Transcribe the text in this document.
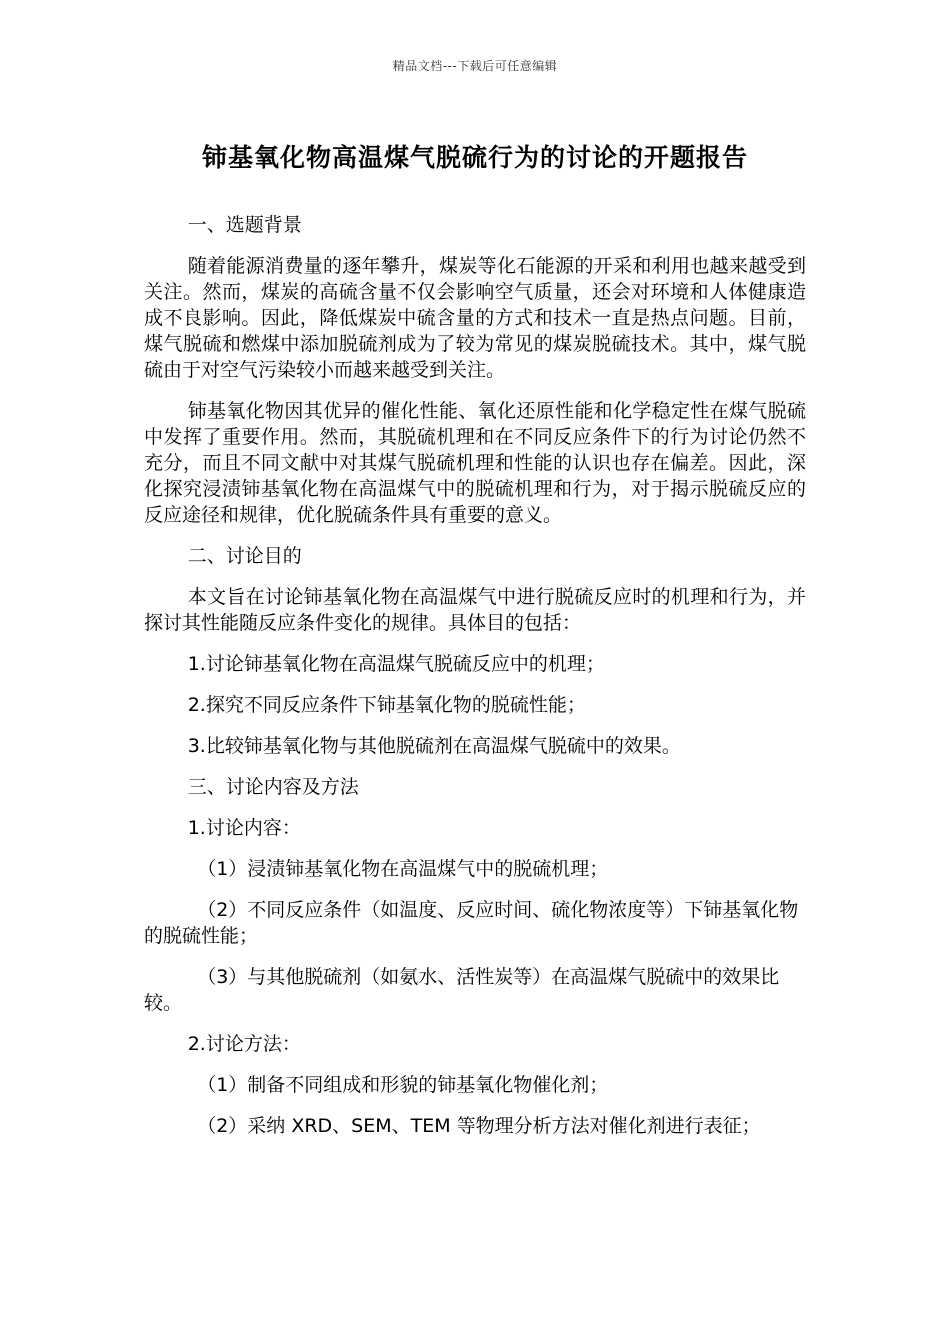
精品文档---下载后可任意编辑
铈基氧化物高温煤气脱硫行为的讨论的开题报告

一、选题背景

随着能源消费量的逐年攀升，煤炭等化石能源的开采和利用也越来越受到关注。然而，煤炭的高硫含量不仅会影响空气质量，还会对环境和人体健康造成不良影响。因此，降低煤炭中硫含量的方式和技术一直是热点问题。目前，煤气脱硫和燃煤中添加脱硫剂成为了较为常见的煤炭脱硫技术。其中，煤气脱硫由于对空气污染较小而越来越受到关注。

铈基氧化物因其优异的催化性能、氧化还原性能和化学稳定性在煤气脱硫中发挥了重要作用。然而，其脱硫机理和在不同反应条件下的行为讨论仍然不充分，而且不同文献中对其煤气脱硫机理和性能的认识也存在偏差。因此，深化探究浸渍铈基氧化物在高温煤气中的脱硫机理和行为，对于揭示脱硫反应的反应途径和规律，优化脱硫条件具有重要的意义。

二、讨论目的

本文旨在讨论铈基氧化物在高温煤气中进行脱硫反应时的机理和行为，并探讨其性能随反应条件变化的规律。具体目的包括：

1.讨论铈基氧化物在高温煤气脱硫反应中的机理；

2.探究不同反应条件下铈基氧化物的脱硫性能；

3.比较铈基氧化物与其他脱硫剂在高温煤气脱硫中的效果。

三、讨论内容及方法

1.讨论内容：

（1）浸渍铈基氧化物在高温煤气中的脱硫机理；

（2）不同反应条件（如温度、反应时间、硫化物浓度等）下铈基氧化物的脱硫性能；

（3）与其他脱硫剂（如氨水、活性炭等）在高温煤气脱硫中的效果比较。

2.讨论方法：

（1）制备不同组成和形貌的铈基氧化物催化剂；

（2）采纳 XRD、SEM、TEM 等物理分析方法对催化剂进行表征；
